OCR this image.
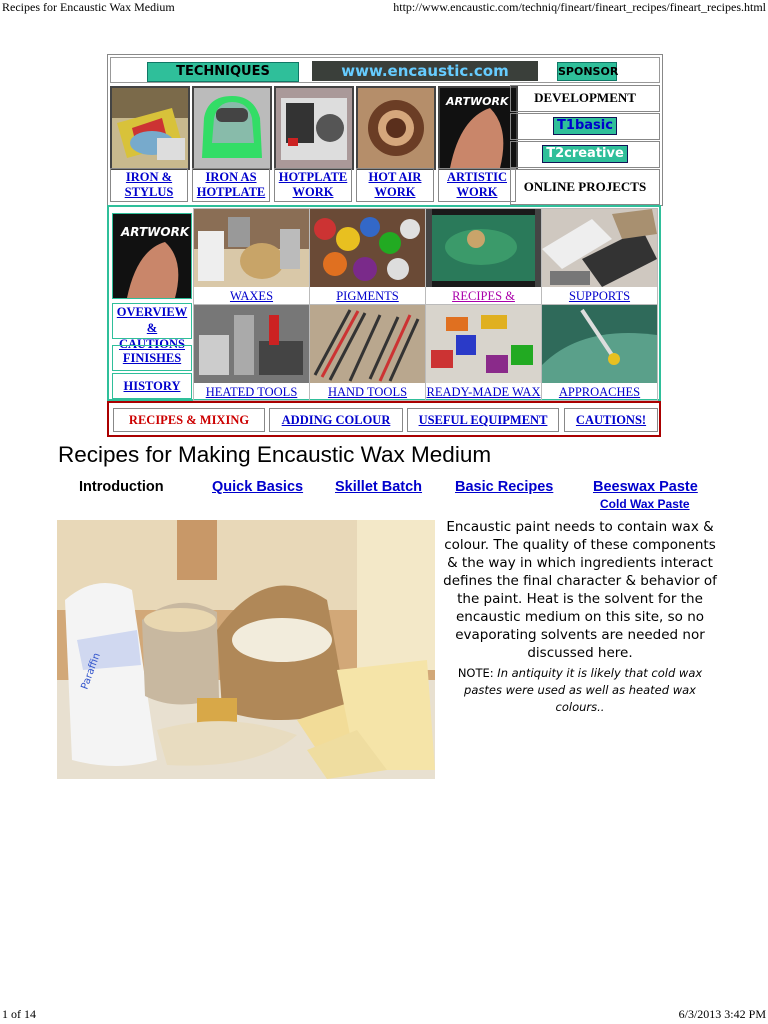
Recipes for Encaustic Wax Medium	http://www.encaustic.com/techniq/fineart/fineart_recipes/fineart_recipes.html
TECHNIQUES	www.encaustic.com	SPONSOR
ARTWORK
IRON &
STYLUS
IRON AS
HOTPLATE
HOTPLATE
WORK
HOT AIR
WORK
ARTISTIC
WORK
DEVELOPMENT
T1basic
T2creative
ONLINE PROJECTS
ARTWORK
OVERVIEW
& CAUTIONS
FINISHES
HISTORY
WAXES	PIGMENTS	RECIPES &	SUPPORTS
HEATED TOOLS	HAND TOOLS	READY-MADE WAX	APPROACHES
RECIPES & MIXING	ADDING COLOUR	USEFUL EQUIPMENT	CAUTIONS!
Recipes for Making Encaustic Wax Medium
Introduction	Quick Basics Skillet Batch Basic Recipes	Beeswax Paste
Cold Wax Paste
Paraffin
Encaustic paint needs to contain wax & colour. The quality of these components & the way in which ingredients interact defines the final character & behavior of the paint. Heat is the solvent for the encaustic medium on this site, so no evaporating solvents are needed nor discussed here.
NOTE: In antiquity it is likely that cold wax pastes were used as well as heated wax colours..
1 of 14	6/3/2013 3:42 PM
